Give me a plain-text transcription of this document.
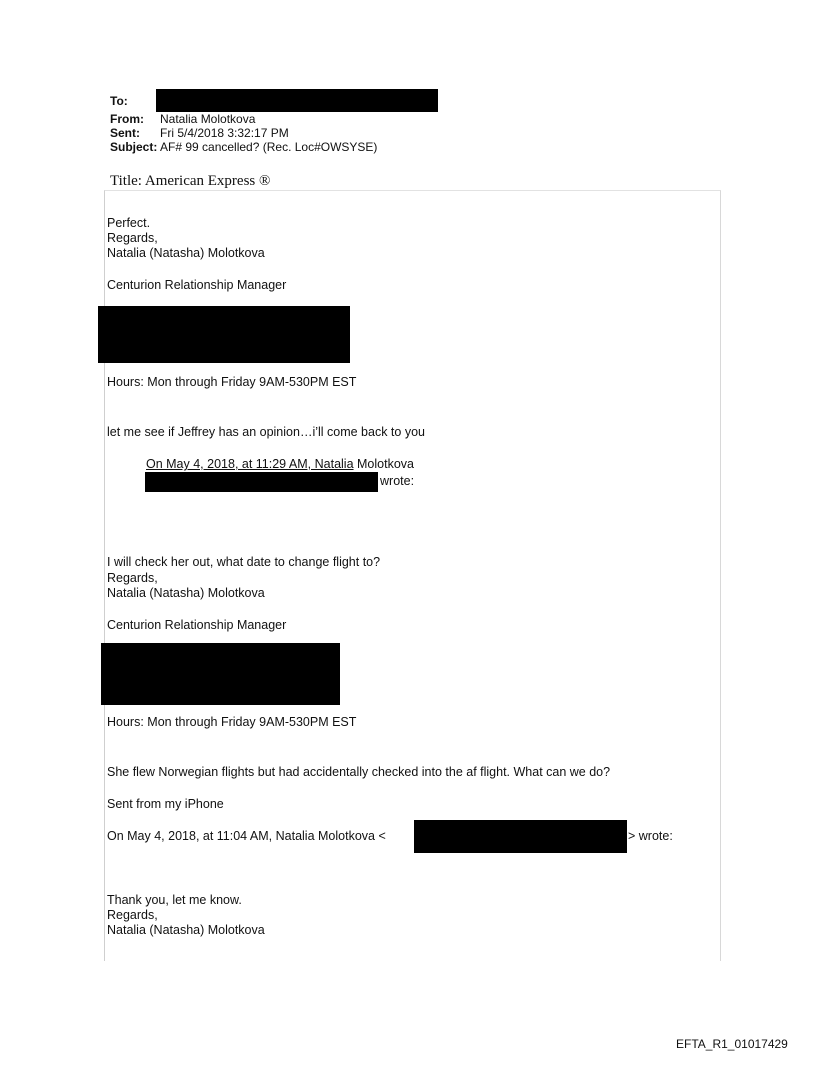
To:
From: Natalia Molotkova
Sent: Fri 5/4/2018 3:32:17 PM
Subject: AF# 99 cancelled? (Rec. Loc#OWSYSE)
Title: American Express ®
Perfect.
Regards,
Natalia (Natasha) Molotkova
Centurion Relationship Manager
Hours: Mon through Friday 9AM-530PM EST
let me see if Jeffrey has an opinion…i’ll come back to you
On May 4, 2018, at 11:29 AM, Natalia Molotkova
wrote:
I will check her out, what date to change flight to?
Regards,
Natalia (Natasha) Molotkova
Centurion Relationship Manager
Hours: Mon through Friday 9AM-530PM EST
She flew Norwegian flights but had accidentally checked into the af flight. What can we do?
Sent from my iPhone
On May 4, 2018, at 11:04 AM, Natalia Molotkova <	> wrote:
Thank you, let me know.
Regards,
Natalia (Natasha) Molotkova
EFTA_R1_01017429
